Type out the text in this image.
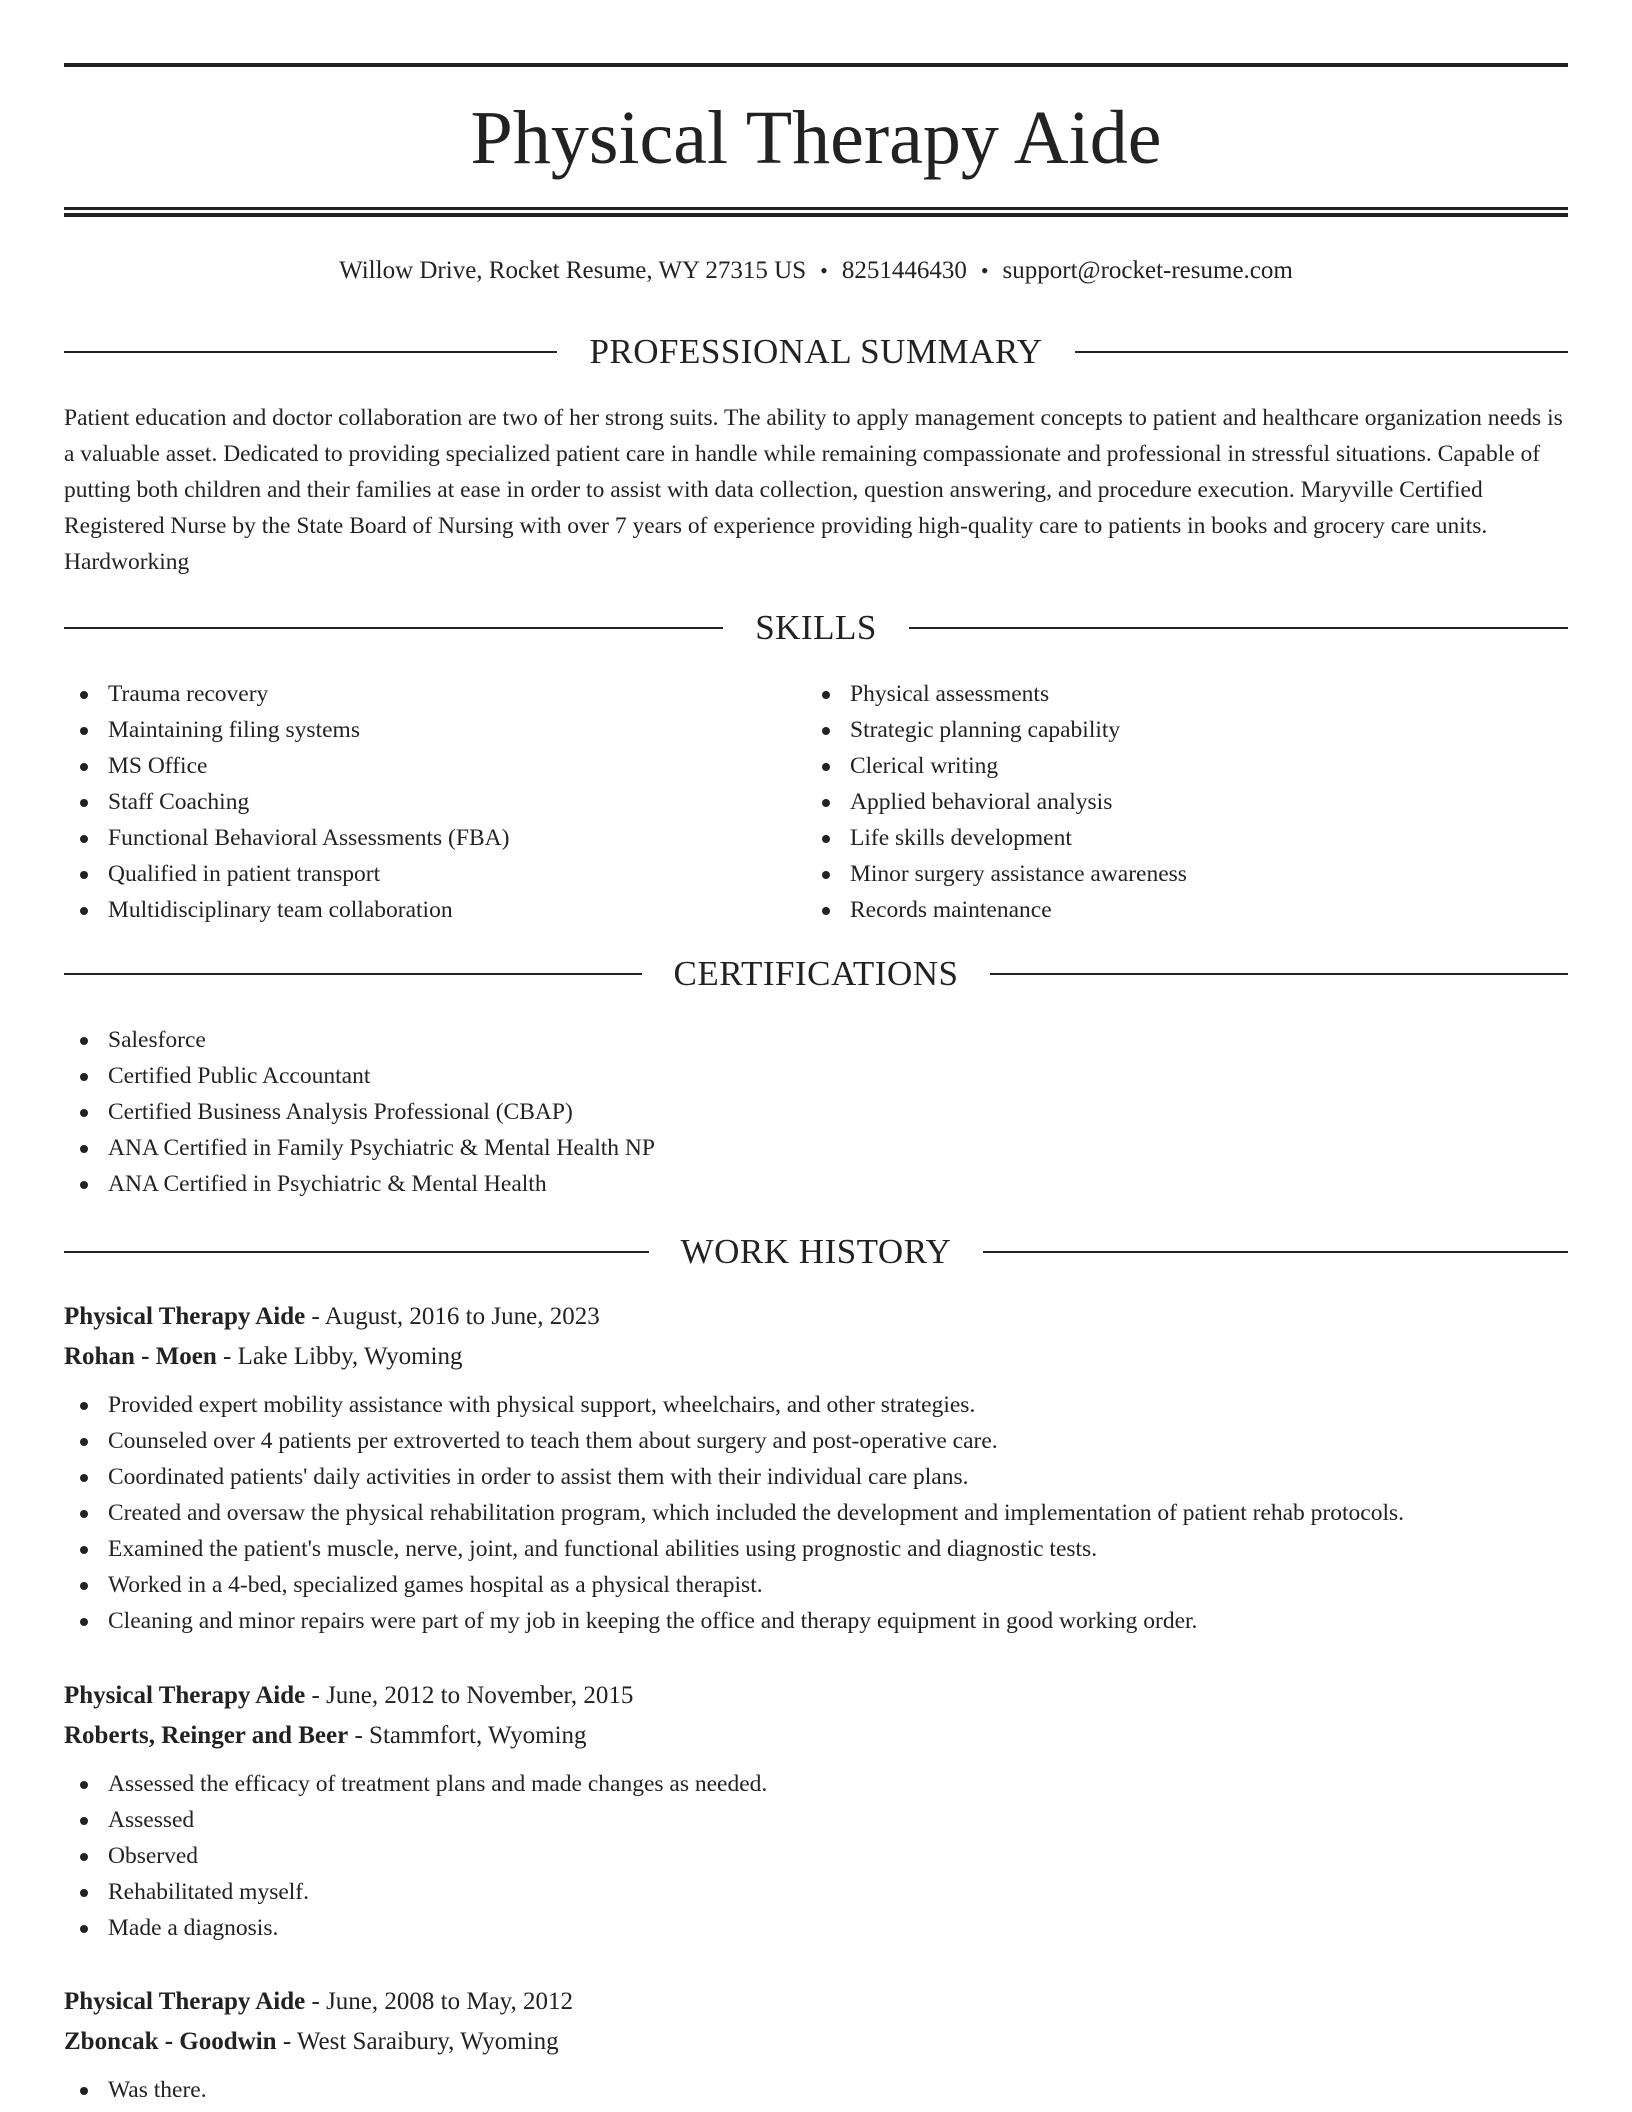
Physical Therapy Aide
Willow Drive, Rocket Resume, WY 27315 US • 8251446430 • support@rocket-resume.com
PROFESSIONAL SUMMARY

Patient education and doctor collaboration are two of her strong suits. The ability to apply management concepts to patient and healthcare organization needs is a valuable asset. Dedicated to providing specialized patient care in handle while remaining compassionate and professional in stressful situations. Capable of putting both children and their families at ease in order to assist with data collection, question answering, and procedure execution. Maryville Certified Registered Nurse by the State Board of Nursing with over 7 years of experience providing high-quality care to patients in books and grocery care units. Hardworking

SKILLS
Trauma recovery
Maintaining filing systems
MS Office
Staff Coaching
Functional Behavioral Assessments (FBA)
Qualified in patient transport
Multidisciplinary team collaboration
Physical assessments
Strategic planning capability
Clerical writing
Applied behavioral analysis
Life skills development
Minor surgery assistance awareness
Records maintenance
CERTIFICATIONS
Salesforce
Certified Public Accountant
Certified Business Analysis Professional (CBAP)
ANA Certified in Family Psychiatric & Mental Health NP
ANA Certified in Psychiatric & Mental Health
WORK HISTORY
Physical Therapy Aide - August, 2016 to June, 2023
Rohan - Moen - Lake Libby, Wyoming
Provided expert mobility assistance with physical support, wheelchairs, and other strategies.
Counseled over 4 patients per extroverted to teach them about surgery and post-operative care.
Coordinated patients' daily activities in order to assist them with their individual care plans.
Created and oversaw the physical rehabilitation program, which included the development and implementation of patient rehab protocols.
Examined the patient's muscle, nerve, joint, and functional abilities using prognostic and diagnostic tests.
Worked in a 4-bed, specialized games hospital as a physical therapist.
Cleaning and minor repairs were part of my job in keeping the office and therapy equipment in good working order.
Physical Therapy Aide - June, 2012 to November, 2015
Roberts, Reinger and Beer - Stammfort, Wyoming
Assessed the efficacy of treatment plans and made changes as needed.
Assessed
Observed
Rehabilitated myself.
Made a diagnosis.
Physical Therapy Aide - June, 2008 to May, 2012
Zboncak - Goodwin - West Saraibury, Wyoming
Was there.
